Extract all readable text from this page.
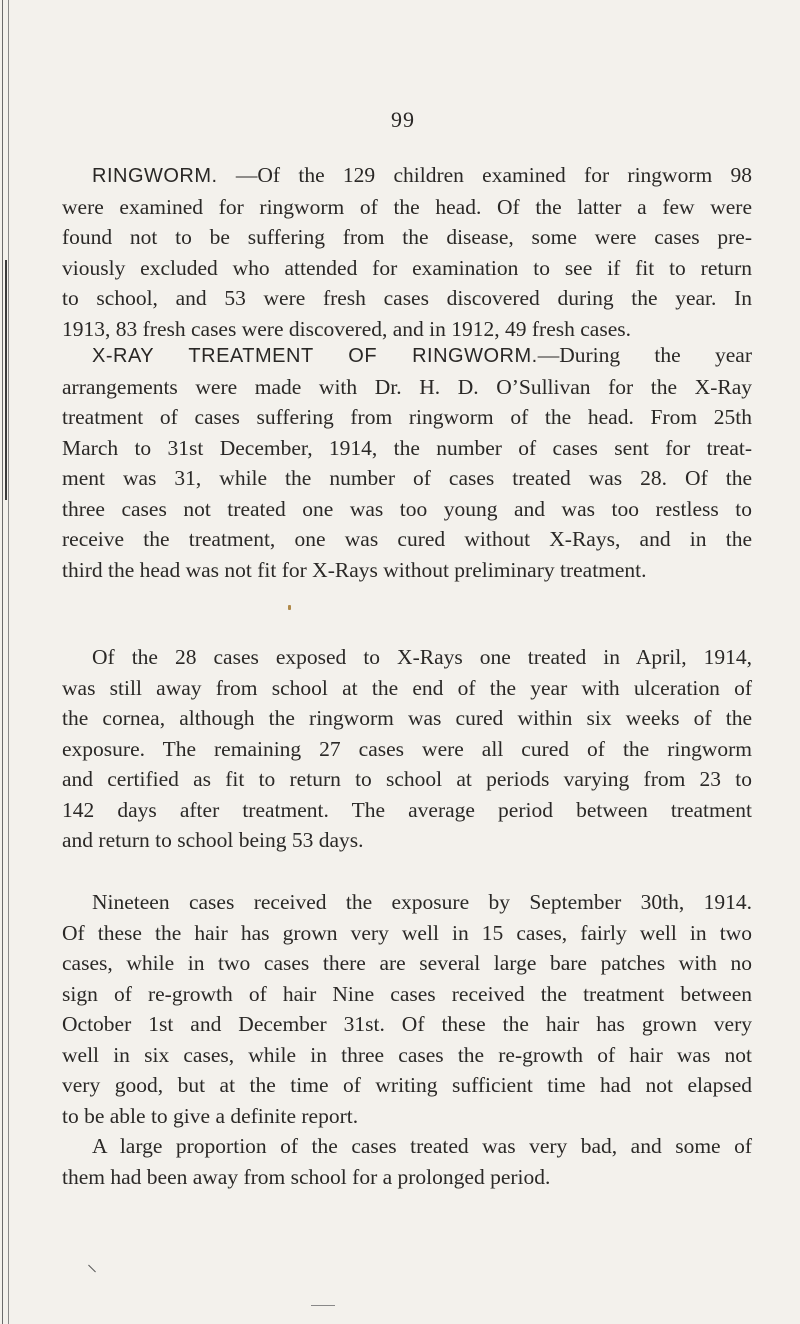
99

RINGWORM. —Of the 129 children examined for ringworm 98
were examined for ringworm of the head. Of the latter a few were
found not to be suffering from the disease, some were cases pre-
viously excluded who attended for examination to see if fit to return
to school, and 53 were fresh cases discovered during the year. In
1913, 83 fresh cases were discovered, and in 1912, 49 fresh cases.

X-RAY TREATMENT OF RINGWORM.—During the year
arrangements were made with Dr. H. D. O’Sullivan for the X-Ray
treatment of cases suffering from ringworm of the head. From 25th
March to 31st December, 1914, the number of cases sent for treat-
ment was 31, while the number of cases treated was 28. Of the
three cases not treated one was too young and was too restless to
receive the treatment, one was cured without X-Rays, and in the
third the head was not fit for X-Rays without preliminary treatment.

Of the 28 cases exposed to X-Rays one treated in April, 1914,
was still away from school at the end of the year with ulceration of
the cornea, although the ringworm was cured within six weeks of the
exposure. The remaining 27 cases were all cured of the ringworm
and certified as fit to return to school at periods varying from 23 to
142 days after treatment. The average period between treatment
and return to school being 53 days.

Nineteen cases received the exposure by September 30th, 1914.
Of these the hair has grown very well in 15 cases, fairly well in two
cases, while in two cases there are several large bare patches with no
sign of re-growth of hair Nine cases received the treatment between
October 1st and December 31st. Of these the hair has grown very
well in six cases, while in three cases the re-growth of hair was not
very good, but at the time of writing sufficient time had not elapsed
to be able to give a definite report.

A large proportion of the cases treated was very bad, and some of
them had been away from school for a prolonged period.
